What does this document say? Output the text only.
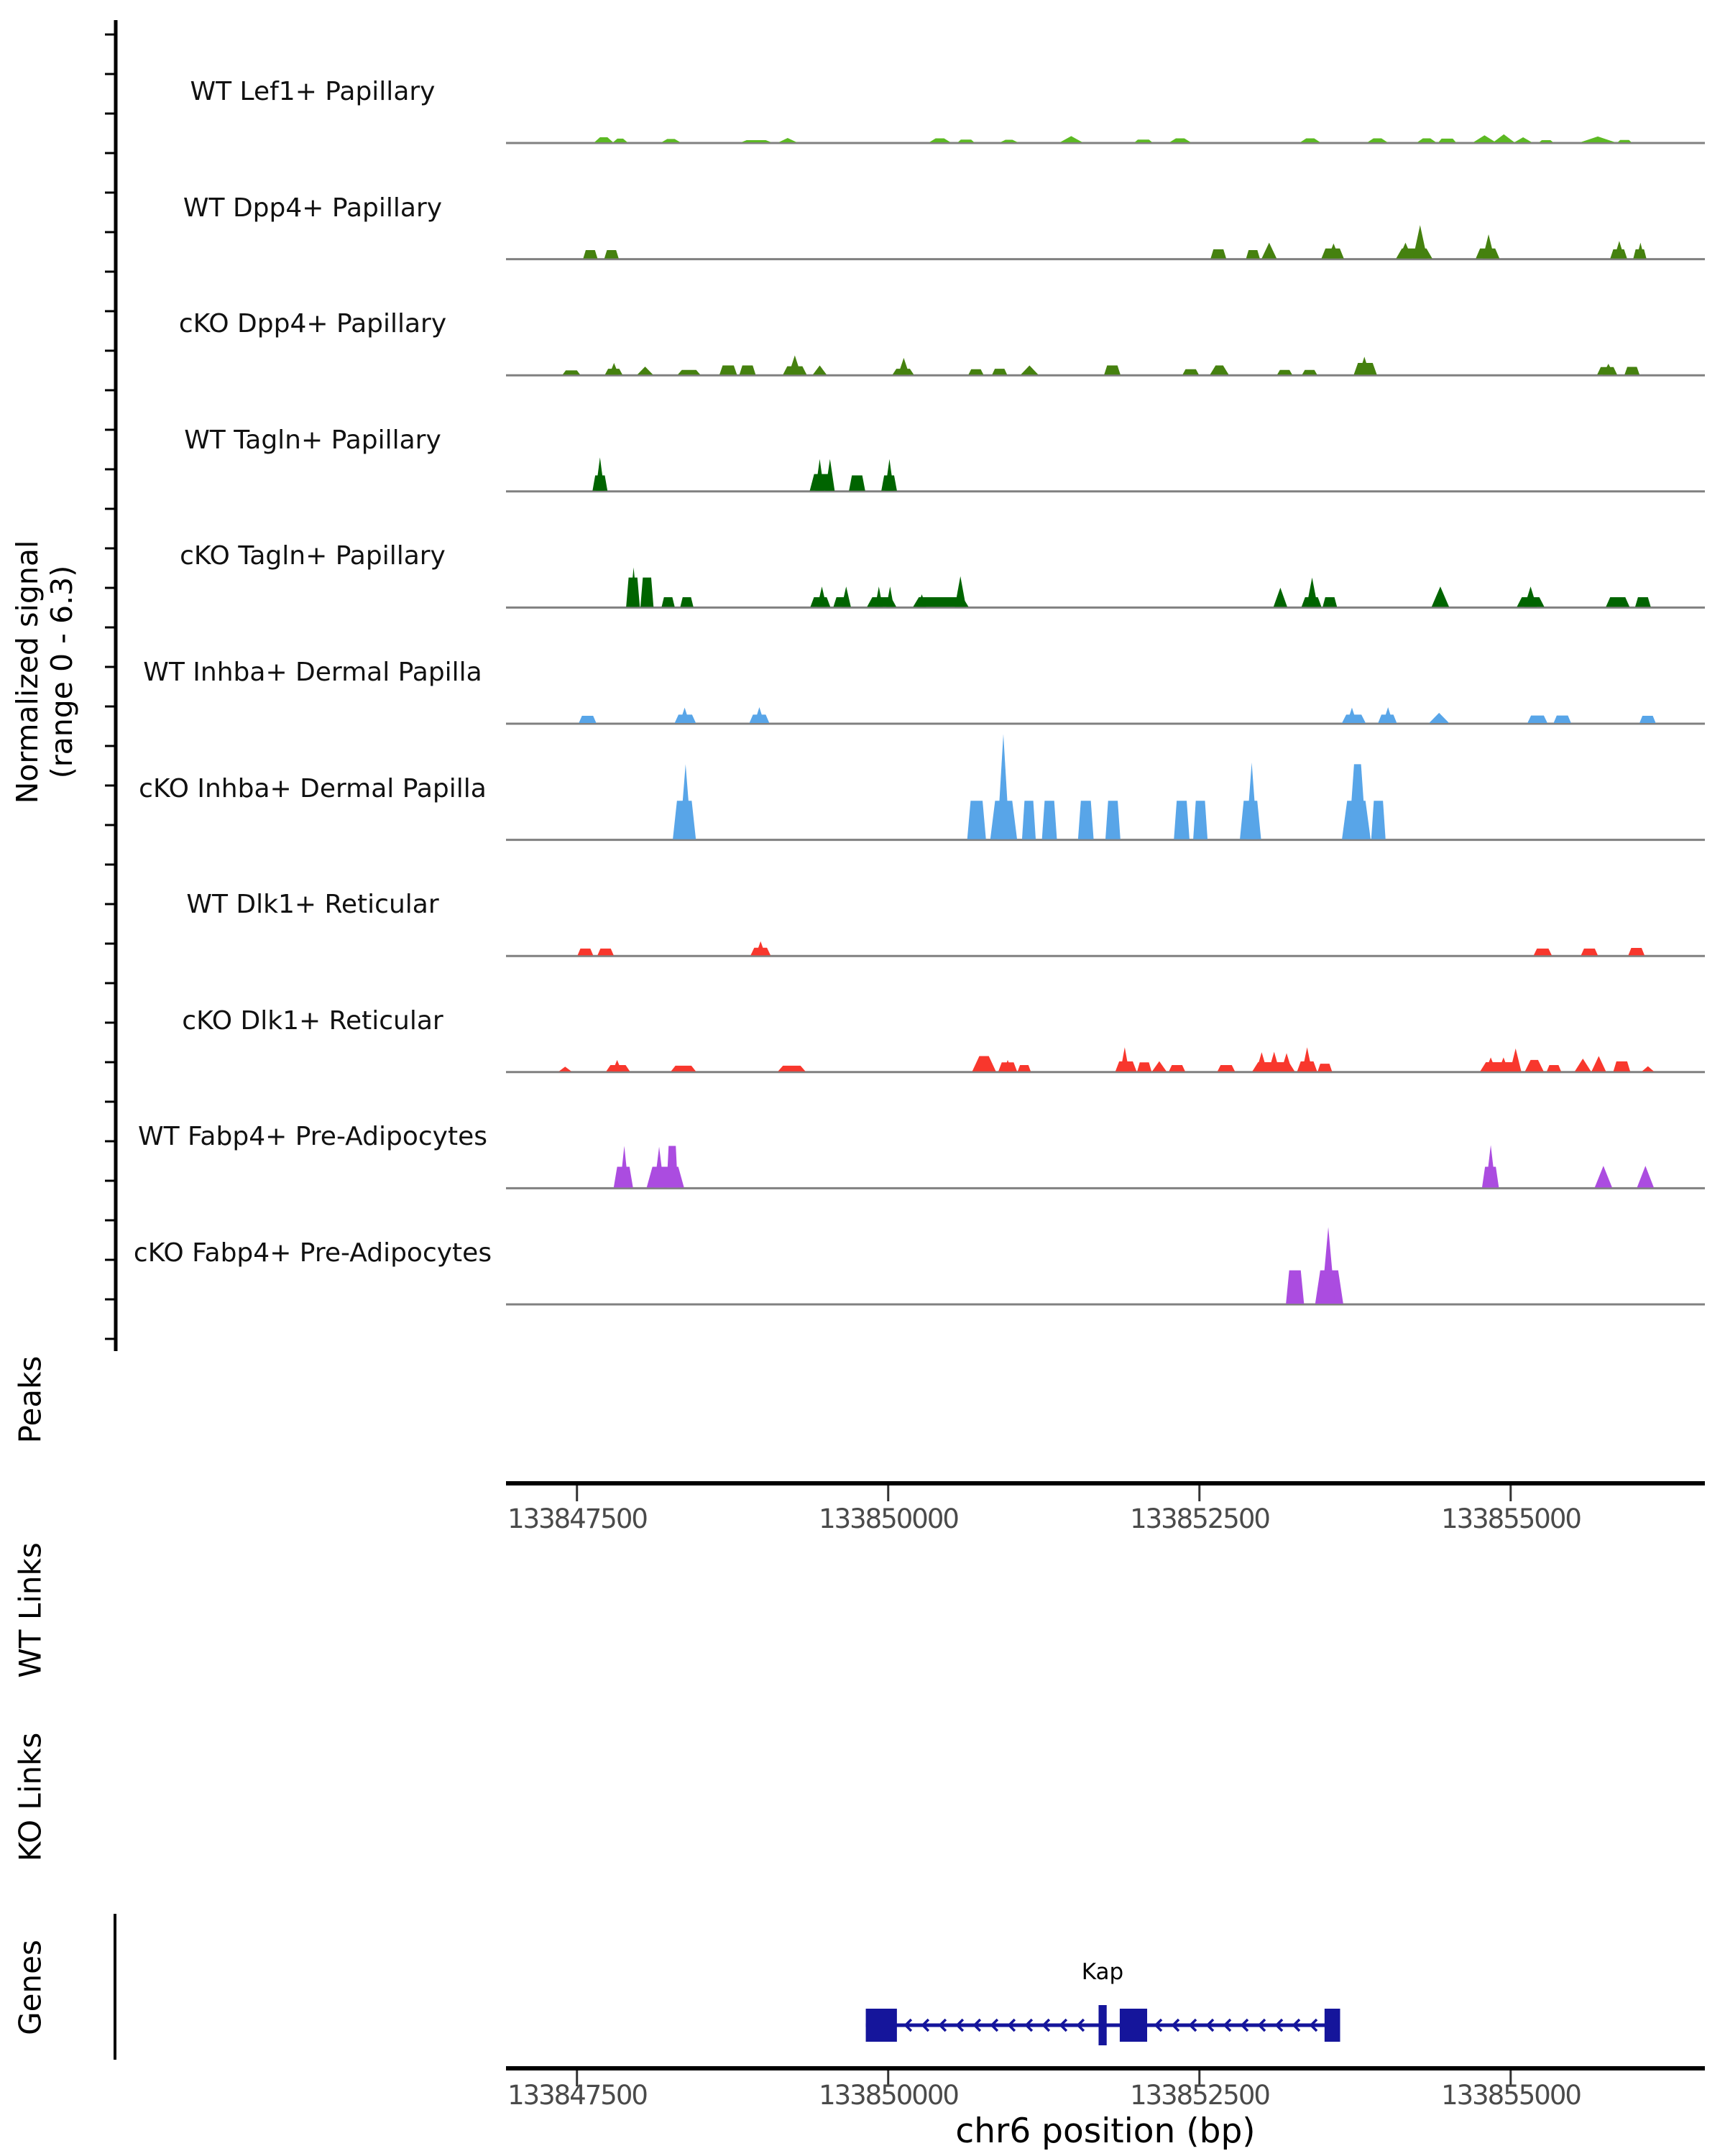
Normalized signal (range 0 - 6.3)
WT Lef1+ Papillary
WT Dpp4+ Papillary
cKO Dpp4+ Papillary
WT Tagln+ Papillary
cKO Tagln+ Papillary
WT Inhba+ Dermal Papilla
cKO Inhba+ Dermal Papilla
WT Dlk1+ Reticular
cKO Dlk1+ Reticular
WT Fabp4+ Pre-Adipocytes
cKO Fabp4+ Pre-Adipocytes
Peaks
WT Links
KO Links
Genes
133847500	133850000	133852500	133855000
133847500	133850000	133852500	133855000
chr6 position (bp)
Kap
